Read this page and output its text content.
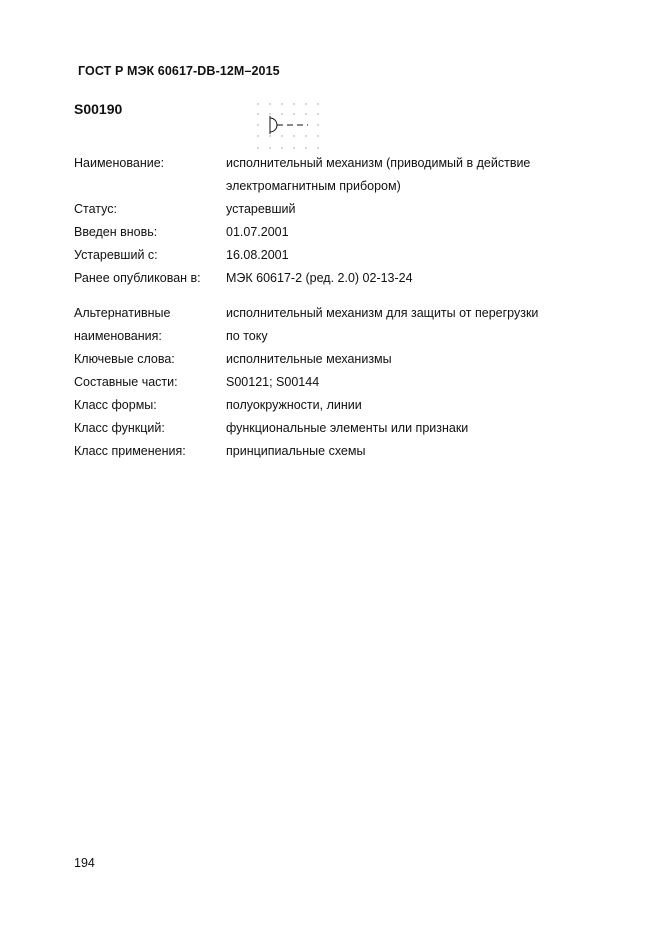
ГОСТ Р МЭК 60617-DB-12M–2015
S00190
Наименование:	исполнительный механизм (приводимый в действие
электромагнитным прибором)
Статус:	устаревший
Введен вновь:	01.07.2001
Устаревший с:	16.08.2001
Ранее опубликован в:	МЭК 60617-2 (ред. 2.0) 02-13-24
Альтернативные	исполнительный механизм для защиты от перегрузки
наименования:	по току
Ключевые слова:	исполнительные механизмы
Составные части:	S00121; S00144
Класс формы:	полуокружности, линии
Класс функций:	функциональные элементы или признаки
Класс применения:	принципиальные схемы
194
